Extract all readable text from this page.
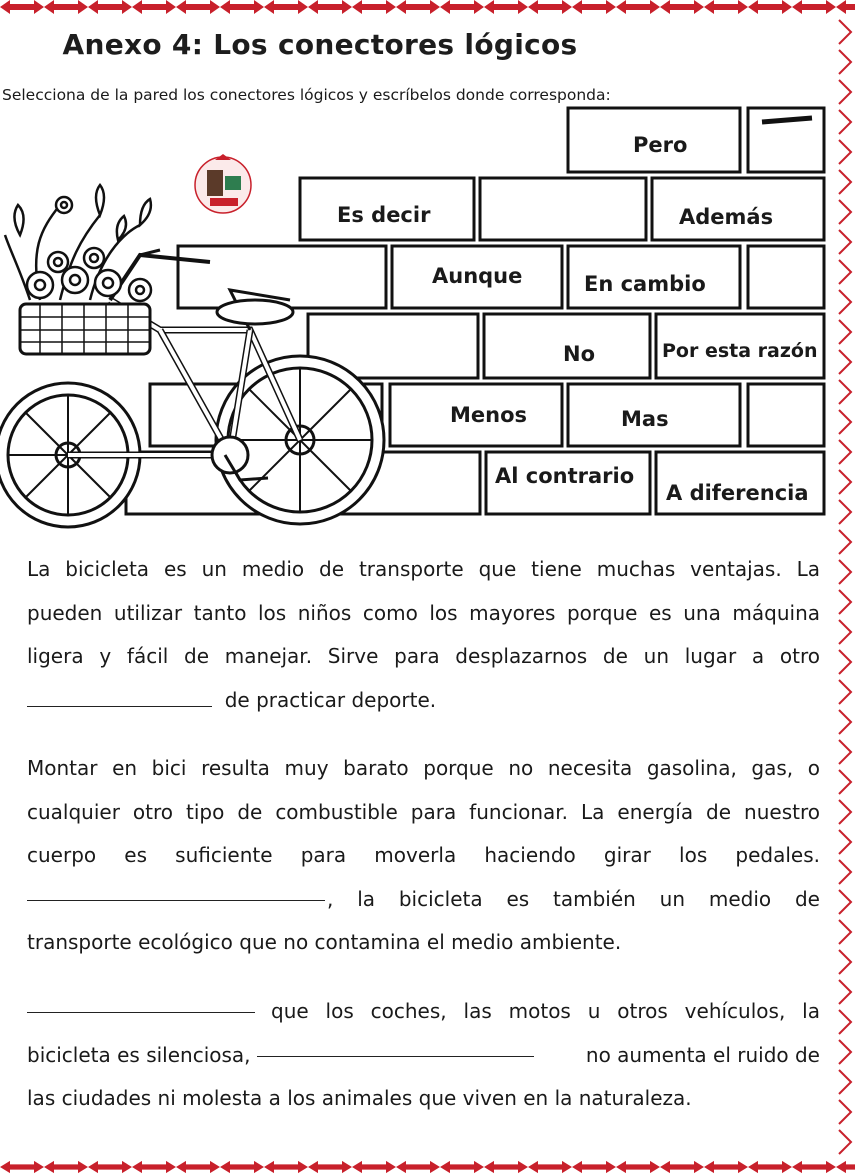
Anexo 4: Los conectores lógicos
Selecciona de la pared los conectores lógicos y escríbelos donde corresponda:
Pero
Es decir	Además
Aunque	En cambio
No	Por esta razón
Menos	Mas
Al contrario
A diferencia
La bicicleta es un medio de transporte que tiene muchas ventajas. La
pueden utilizar tanto los niños como los mayores porque es una máquina
ligera y fácil de manejar. Sirve para desplazarnos de un lugar a otro
de practicar deporte.
Montar en bici resulta muy barato porque no necesita gasolina, gas, o
cualquier otro tipo de combustible para funcionar. La energía de nuestro
cuerpo es suficiente para moverla haciendo girar los pedales.
, la bicicleta es también un medio de
transporte ecológico que no contamina el medio ambiente.
que los coches, las motos u otros vehículos, la
bicicleta es silenciosa,	no aumenta el ruido de
las ciudades ni molesta a los animales que viven en la naturaleza.
